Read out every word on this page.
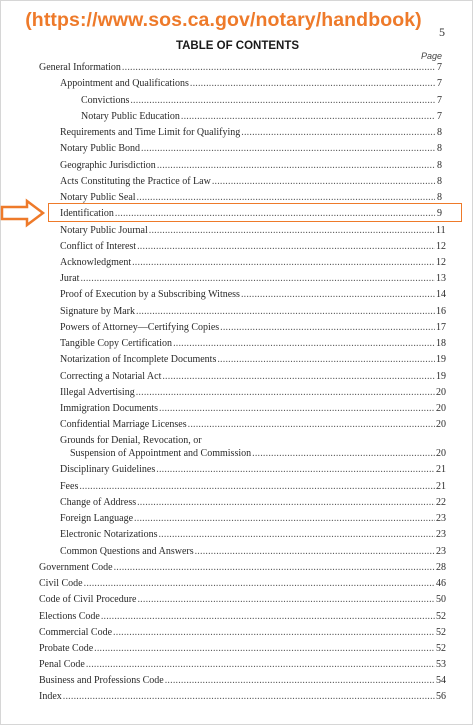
(https://www.sos.ca.gov/notary/handbook)
5
TABLE OF CONTENTS
Page
General Information .....	7
Appointment and Qualifications .....	7
Convictions .....	7
Notary Public Education .....	7
Requirements and Time Limit for Qualifying .....	8
Notary Public Bond .....	8
Geographic Jurisdiction .....	8
Acts Constituting the Practice of Law .....	8
Notary Public Seal .....	8
Identification .....	9
Notary Public Journal .....	11
Conflict of Interest .....	12
Acknowledgment .....	12
Jurat .....	13
Proof of Execution by a Subscribing Witness .....	14
Signature by Mark .....	16
Powers of Attorney—Certifying Copies .....	17
Tangible Copy Certification .....	18
Notarization of Incomplete Documents .....	19
Correcting a Notarial Act .....	19
Illegal Advertising .....	20
Immigration Documents .....	20
Confidential Marriage Licenses .....	20
Grounds for Denial, Revocation, or
Suspension of Appointment and Commission .....	20
Disciplinary Guidelines .....	21
Fees .....	21
Change of Address .....	22
Foreign Language .....	23
Electronic Notarizations .....	23
Common Questions and Answers .....	23
Government Code .....	28
Civil Code .....	46
Code of Civil Procedure .....	50
Elections Code .....	52
Commercial Code .....	52
Probate Code .....	52
Penal Code .....	53
Business and Professions Code .....	54
Index .....	56
